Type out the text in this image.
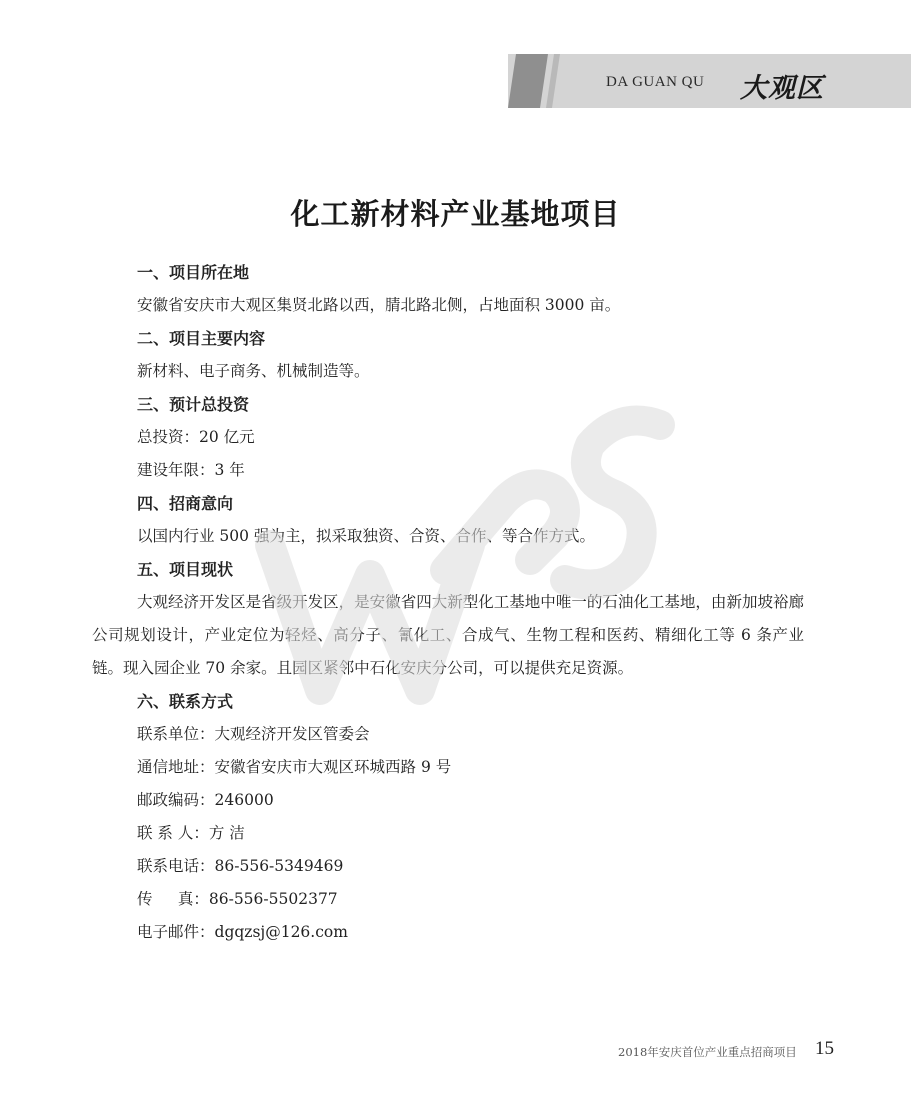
DA GUAN QU 大观区
化工新材料产业基地项目
一、项目所在地
安徽省安庆市大观区集贤北路以西，腈北路北侧，占地面积 3000 亩。
二、项目主要内容
新材料、电子商务、机械制造等。
三、预计总投资
总投资：20 亿元
建设年限：3 年
四、招商意向
以国内行业 500 强为主，拟采取独资、合资、合作、等合作方式。
五、项目现状
大观经济开发区是省级开发区，是安徽省四大新型化工基地中唯一的石油化工基地，由新加坡裕廊公司规划设计，产业定位为轻烃、高分子、氰化工、合成气、生物工程和医药、精细化工等 6 条产业链。现入园企业 70 余家。且园区紧邻中石化安庆分公司，可以提供充足资源。
六、联系方式
联系单位：大观经济开发区管委会
通信地址：安徽省安庆市大观区环城西路 9 号
邮政编码：246000
联 系 人：方 洁
联系电话：86-556-5349469
传 　 真：86-556-5502377
电子邮件：dgqzsj@126.com
2018年安庆首位产业重点招商项目 15
